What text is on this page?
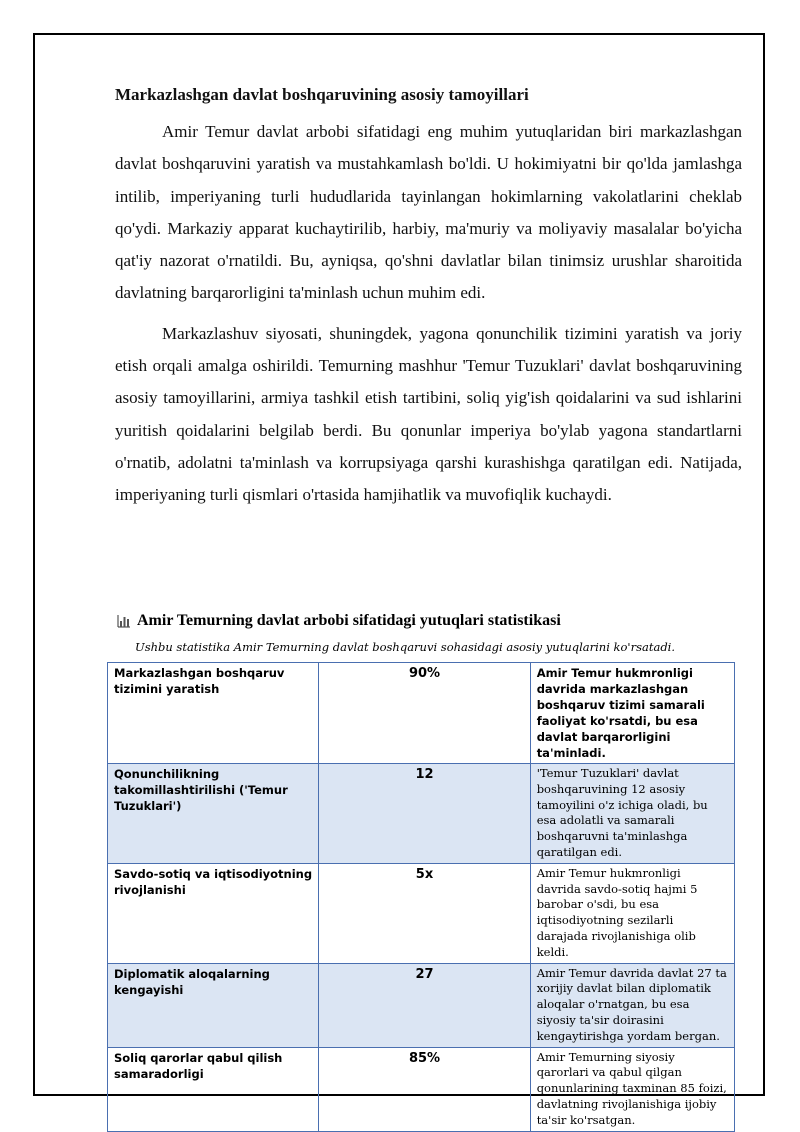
Markazlashgan davlat boshqaruvining asosiy tamoyillari

Amir Temur davlat arbobi sifatidagi eng muhim yutuqlaridan biri markazlashgan davlat boshqaruvini yaratish va mustahkamlash bo'ldi. U hokimiyatni bir qo'lda jamlashga intilib, imperiyaning turli hududlarida tayinlangan hokimlarning vakolatlarini cheklab qo'ydi. Markaziy apparat kuchaytirilib, harbiy, ma'muriy va moliyaviy masalalar bo'yicha qat'iy nazorat o'rnatildi. Bu, ayniqsa, qo'shni davlatlar bilan tinimsiz urushlar sharoitida davlatning barqarorligini ta'minlash uchun muhim edi.

Markazlashuv siyosati, shuningdek, yagona qonunchilik tizimini yaratish va joriy etish orqali amalga oshirildi. Temurning mashhur 'Temur Tuzuklari' davlat boshqaruvining asosiy tamoyillarini, armiya tashkil etish tartibini, soliq yig'ish qoidalarini va sud ishlarini yuritish qoidalarini belgilab berdi. Bu qonunlar imperiya bo'ylab yagona standartlarni o'rnatib, adolatni ta'minlash va korrupsiyaga qarshi kurashishga qaratilgan edi. Natijada, imperiyaning turli qismlari o'rtasida hamjihatlik va muvofiqlik kuchaydi.

Amir Temurning davlat arbobi sifatidagi yutuqlari statistikasi
Ushbu statistika Amir Temurning davlat boshqaruvi sohasidagi asosiy yutuqlarini ko'rsatadi.
Markazlashgan boshqaruv tizimini yaratish	90%	Amir Temur hukmronligi davrida markazlashgan boshqaruv tizimi samarali faoliyat ko'rsatdi, bu esa davlat barqarorligini ta'minladi.
Qonunchilikning takomillashtirilishi ('Temur Tuzuklari')	12	'Temur Tuzuklari' davlat boshqaruvining 12 asosiy tamoyilini o'z ichiga oladi, bu esa adolatli va samarali boshqaruvni ta'minlashga qaratilgan edi.
Savdo-sotiq va iqtisodiyotning rivojlanishi	5x	Amir Temur hukmronligi davrida savdo-sotiq hajmi 5 barobar o'sdi, bu esa iqtisodiyotning sezilarli darajada rivojlanishiga olib keldi.
Diplomatik aloqalarning kengayishi	27	Amir Temur davrida davlat 27 ta xorijiy davlat bilan diplomatik aloqalar o'rnatgan, bu esa siyosiy ta'sir doirasini kengaytirishga yordam bergan.
Soliq qarorlar qabul qilish samaradorligi	85%	Amir Temurning siyosiy qarorlari va qabul qilgan qonunlarining taxminan 85 foizi, davlatning rivojlanishiga ijobiy ta'sir ko'rsatgan.
